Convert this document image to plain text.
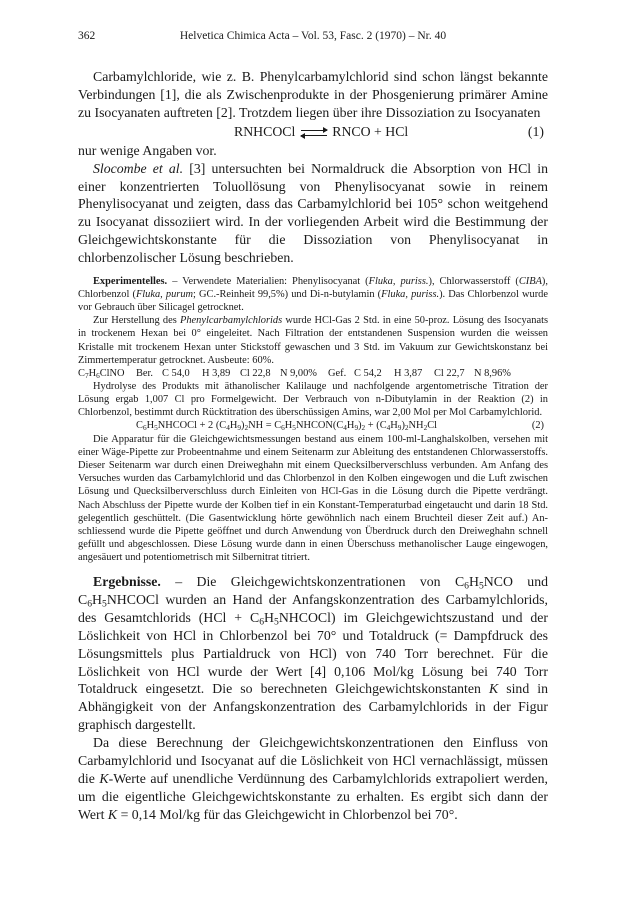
362	Helvetica Chimica Acta – Vol. 53, Fasc. 2 (1970) – Nr. 40

Carbamylchloride, wie z. B. Phenylcarbamylchlorid sind schon längst bekannte Verbindungen [1], die als Zwischenprodukte in der Phosgenierung primärer Amine zu Isocyanaten auftreten [2]. Trotzdem liegen über ihre Dissoziation zu Isocyanaten

RNHCOCl	RNCO + HCl	(1)

nur wenige Angaben vor.

Slocombe et al. [3] untersuchten bei Normaldruck die Absorption von HCl in einer konzentrierten Toluollösung von Phenylisocyanat sowie in reinem Phenylisocyanat und zeigten, dass das Carbamylchlorid bei 105° schon weitgehend zu Isocyanat dissoziiert wird. In der vorliegenden Arbeit wird die Bestimmung der Gleichgewichtskonstante für die Dissoziation von Phenylisocyanat in chlorbenzolischer Lösung beschrieben.

Experimentelles. – Verwendete Materialien: Phenylisocyanat (Fluka, puriss.), Chlorwasserstoff (CIBA), Chlorbenzol (Fluka, purum; GC.-Reinheit 99,5%) und Di-n-butylamin (Fluka, puriss.). Das Chlorbenzol wurde vor Gebrauch über Silicagel getrocknet.

Zur Herstellung des Phenylcarbamylchlorids wurde HCl-Gas 2 Std. in eine 50-proz. Lösung des Isocyanats in trockenem Hexan bei 0° eingeleitet. Nach Filtration der entstandenen Suspension wurden die weissen Kristalle mit trockenem Hexan unter Stickstoff gewaschen und 3 Std. im Vakuum zur Gewichtskonstanz bei Zimmertemperatur getrocknet. Ausbeute: 60%.

$C_7H_6ClNO$ Ber. C 54,0 H 3,89 Cl 22,8 N 9,00% Gef. C 54,2 H 3,87 Cl 22,7 N 8,96%

Hydrolyse des Produkts mit äthanolischer Kalilauge und nachfolgende argentometrische Titration der Lösung ergab 1,007 Cl pro Formelgewicht. Der Verbrauch von n-Dibutylamin in der Reaktion (2) in Chlorbenzol, bestimmt durch Rücktitration des überschüssigen Amins, war 2,00 Mol per Mol Carbamylchlorid.

$C_6H_5NHCOCl + 2$ $(C_4H_9)_2NH$ = $C_6H_5NHCON(C_4H_9)_2 + (C_4H_9)_2NH_2Cl$	(2)

Die Apparatur für die Gleichgewichtsmessungen bestand aus einem 100-ml-Langhalskolben, versehen mit einer Wäge-Pipette zur Probeentnahme und einem Seitenarm zur Ableitung des entstandenen Chlorwasserstoffs. Dieser Seitenarm war durch einen Dreiweghahn mit einem Quecksilberverschluss verbunden. Am Anfang des Versuches wurden das Carbamylchlorid und das Chlorbenzol in den Kolben eingewogen und die Luft zwischen Lösung und Quecksilberverschluss durch Einleiten von HCl-Gas in die Lösung durch die Pipette verdrängt. Nach Abschluss der Pipette wurde der Kolben tief in ein Konstant-Temperaturbad eingetaucht und darin 18 Std. gelegentlich geschüttelt. (Die Gasentwicklung hörte gewöhnlich nach einem Bruchteil dieser Zeit auf.) Anschliessend wurde die Pipette geöffnet und durch Anwendung von Überdruck durch den Dreiweghahn schnell gefüllt und abgeschlossen. Diese Lösung wurde dann in einen Überschuss methanolischer Lauge eingewogen, angesäuert und potentiometrisch mit Silbernitrat titriert.

Ergebnisse. – Die Gleichgewichtskonzentrationen von $C_6H_5NCO$ und $C_6H_5NHCOCl$ wurden an Hand der Anfangskonzentration des Carbamylchlorids, des Gesamtchlorids $(HCl + C_6H_5NHCOCl)$ im Gleichgewichtszustand und der Löslichkeit von HCl in Chlorbenzol bei 70° und Totaldruck (= Dampfdruck des Lösungsmittels plus Partialdruck von HCl) von 740 Torr berechnet. Für die Löslichkeit von HCl wurde der Wert [4] 0,106 Mol/kg Lösung bei 740 Torr Totaldruck eingesetzt. Die so berechneten Gleichgewichtskonstanten K sind in Abhängigkeit von der Anfangskonzentration des Carbamylchlorids in der Figur graphisch dargestellt.

Da diese Berechnung der Gleichgewichtskonzentrationen den Einfluss von Carbamylchlorid und Isocyanat auf die Löslichkeit von HCl vernachlässigt, müssen die K-Werte auf unendliche Verdünnung des Carbamylchlorids extrapoliert werden, um die eigentliche Gleichgewichtskonstante zu erhalten. Es ergibt sich dann der Wert K = 0,14 Mol/kg für das Gleichgewicht in Chlorbenzol bei 70°.
